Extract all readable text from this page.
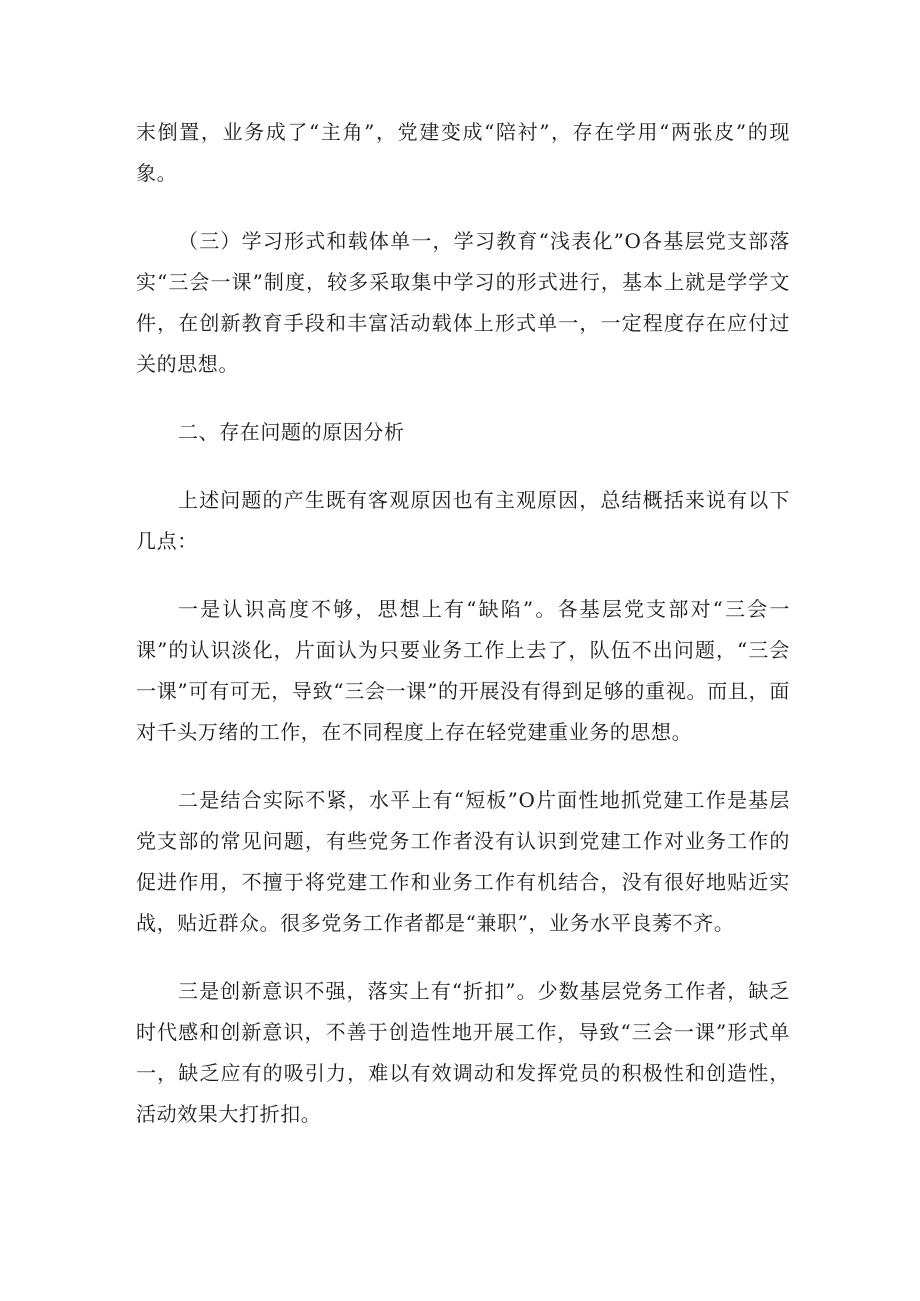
末倒置，业务成了“主角”，党建变成“陪衬”，存在学用“两张皮”的现象。

（三）学习形式和载体单一，学习教育“浅表化”O各基层党支部落实“三会一课”制度，较多采取集中学习的形式进行，基本上就是学学文件，在创新教育手段和丰富活动载体上形式单一，一定程度存在应付过关的思想。

二、存在问题的原因分析

上述问题的产生既有客观原因也有主观原因，总结概括来说有以下几点：

一是认识高度不够，思想上有“缺陷”。各基层党支部对“三会一课”的认识淡化，片面认为只要业务工作上去了，队伍不出问题，“三会一课”可有可无，导致“三会一课”的开展没有得到足够的重视。而且，面对千头万绪的工作，在不同程度上存在轻党建重业务的思想。

二是结合实际不紧，水平上有“短板”O片面性地抓党建工作是基层党支部的常见问题，有些党务工作者没有认识到党建工作对业务工作的促进作用，不擅于将党建工作和业务工作有机结合，没有很好地贴近实战，贴近群众。很多党务工作者都是“兼职”，业务水平良莠不齐。

三是创新意识不强，落实上有“折扣”。少数基层党务工作者，缺乏时代感和创新意识，不善于创造性地开展工作，导致“三会一课”形式单一，缺乏应有的吸引力，难以有效调动和发挥党员的积极性和创造性，活动效果大打折扣。
